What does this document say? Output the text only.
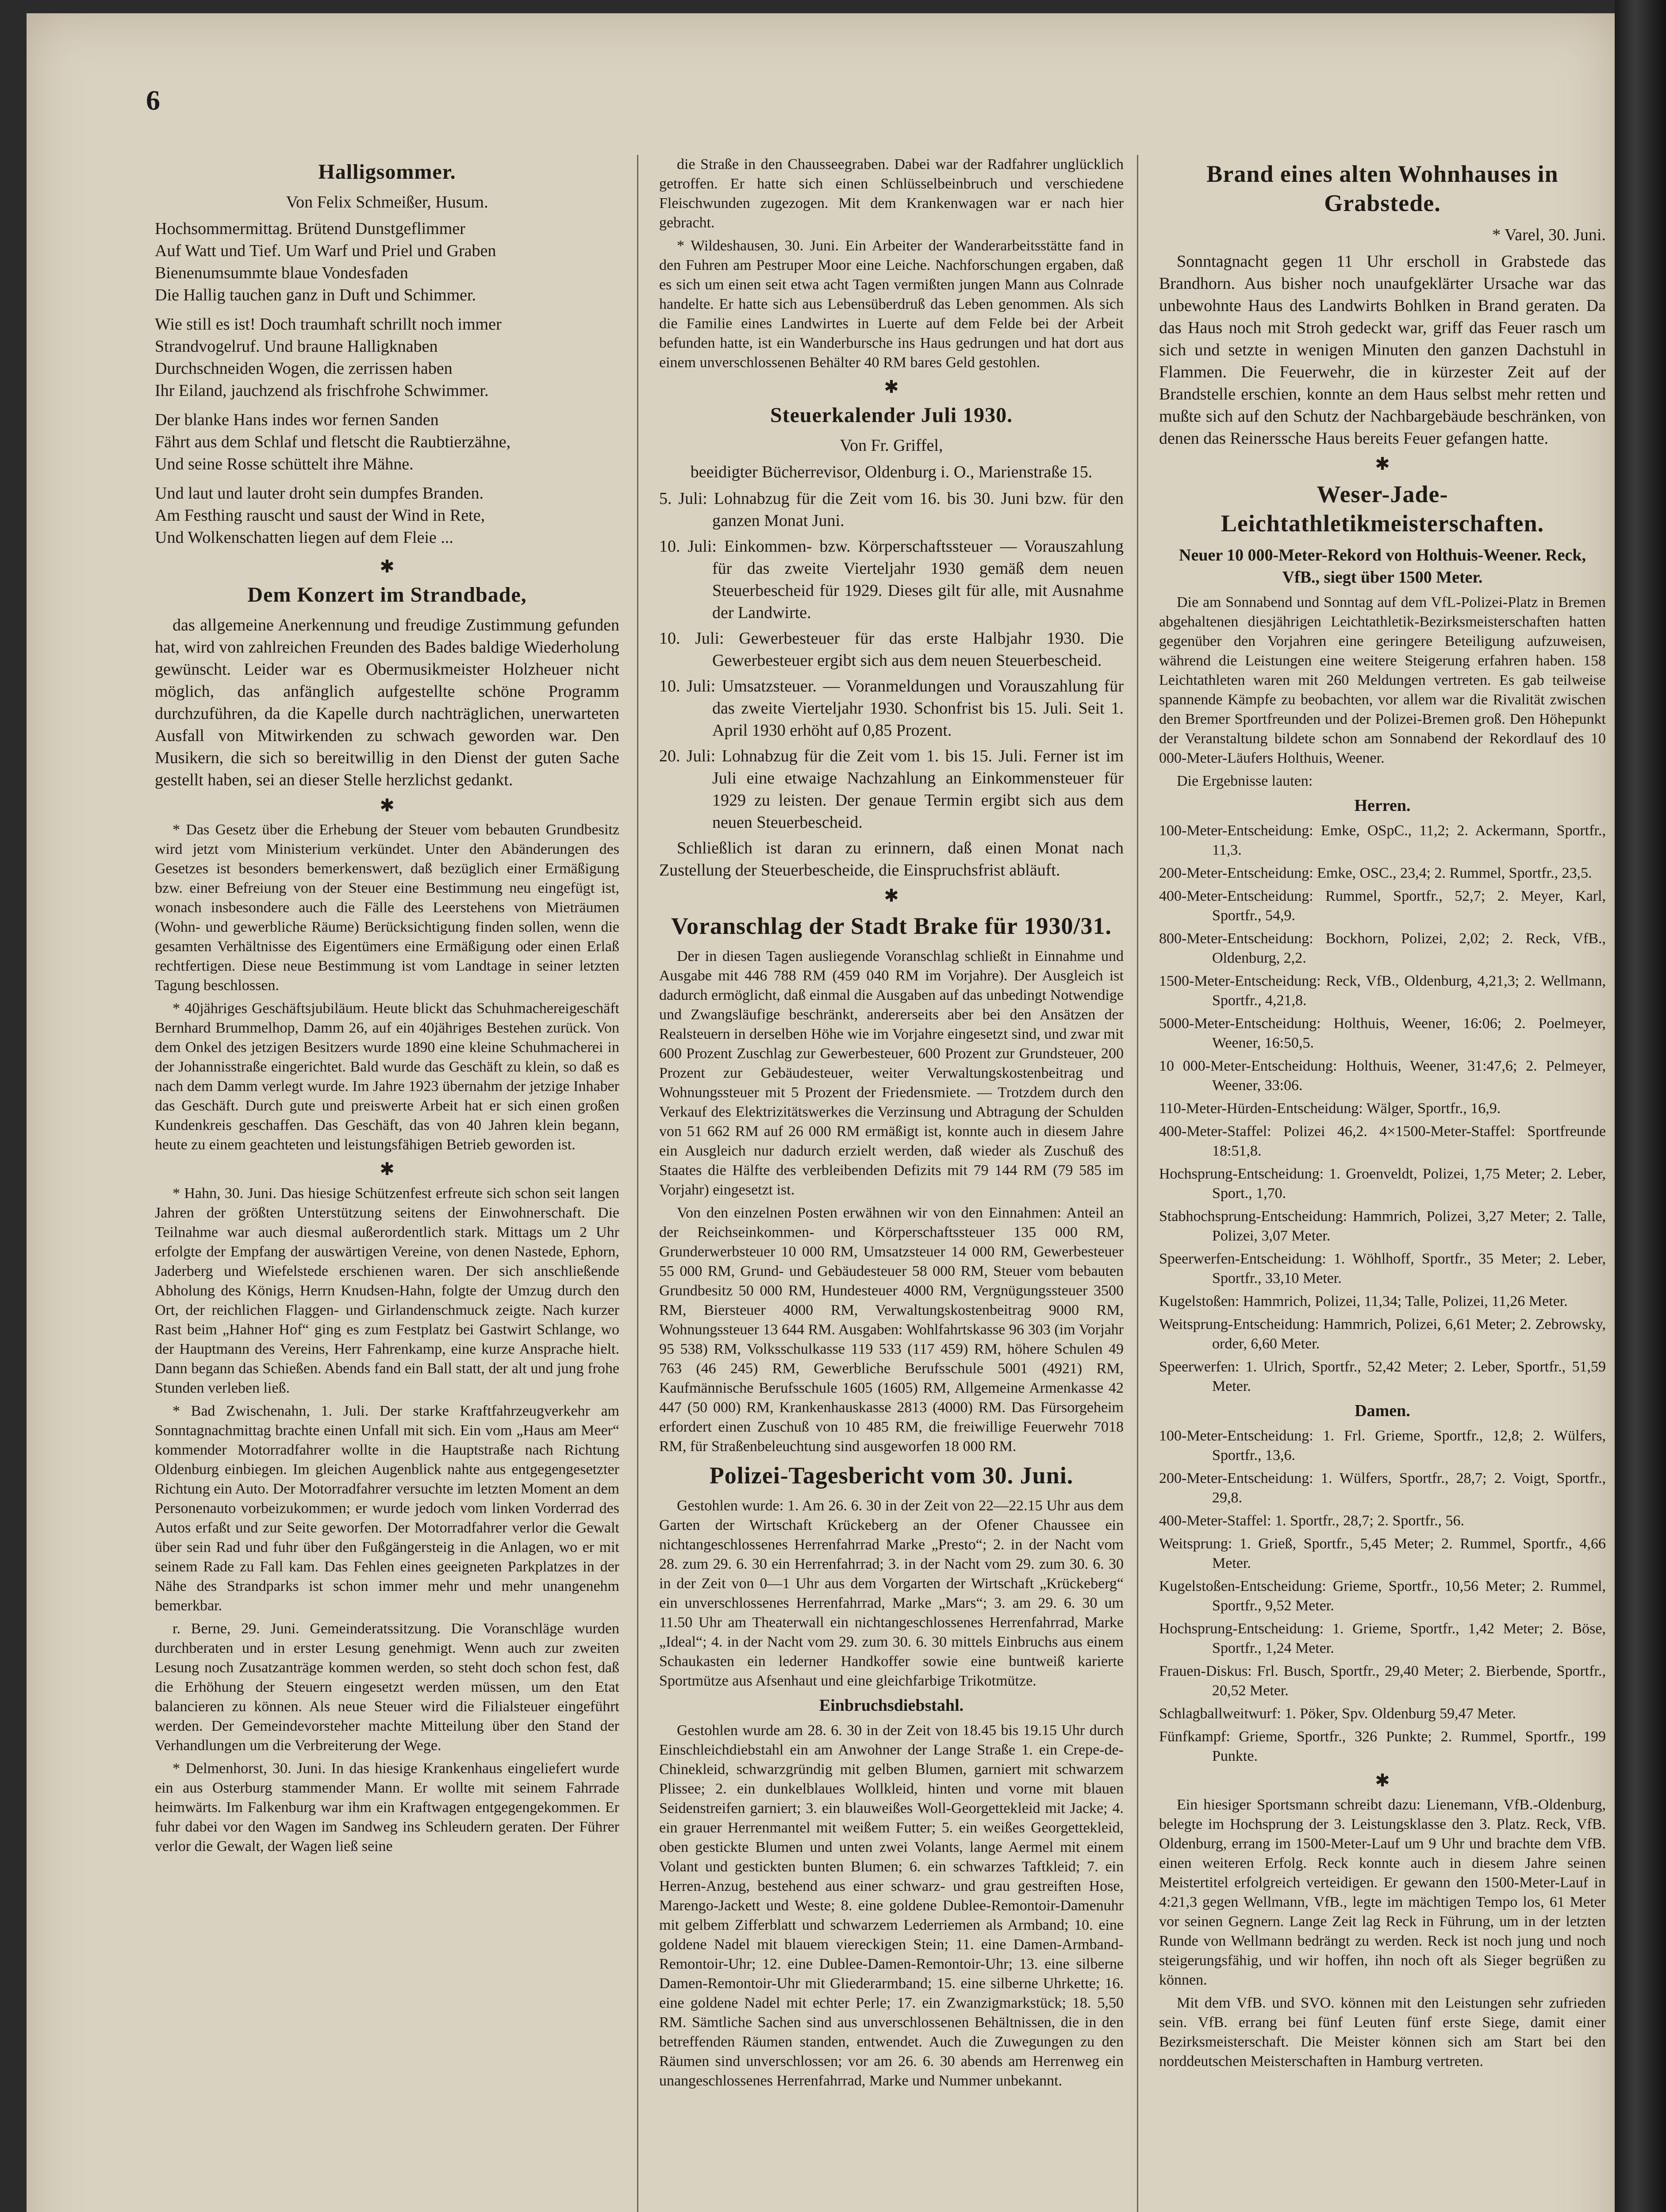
6
Halligsommer.
Von Felix Schmeißer, Husum.
Hochsommermittag. Brütend Dunstgeflimmer
Auf Watt und Tief. Um Warf und Priel und Graben
Bienenumsummte blaue Vondesfaden
Die Hallig tauchen ganz in Duft und Schimmer.
Wie still es ist! Doch traumhaft schrillt noch immer
Strandvogelruf. Und braune Halligknaben
Durchschneiden Wogen, die zerrissen haben
Ihr Eiland, jauchzend als frischfrohe Schwimmer.
Der blanke Hans indes wor fernen Sanden
Fährt aus dem Schlaf und fletscht die Raubtierzähne,
Und seine Rosse schüttelt ihre Mähne.
Und laut und lauter droht sein dumpfes Branden.
Am Festhing rauscht und saust der Wind in Rete,
Und Wolkenschatten liegen auf dem Fleie ...
✱
Dem Konzert im Strandbade,

das allgemeine Anerkennung und freudige Zustimmung gefunden hat, wird von zahlreichen Freunden des Bades baldige Wiederholung gewünscht. Leider war es Obermusikmeister Holzheuer nicht möglich, das anfänglich aufgestellte schöne Programm durchzuführen, da die Kapelle durch nachträglichen, unerwarteten Ausfall von Mitwirkenden zu schwach geworden war. Den Musikern, die sich so bereitwillig in den Dienst der guten Sache gestellt haben, sei an dieser Stelle herzlichst gedankt.

✱

* Das Gesetz über die Erhebung der Steuer vom bebauten Grundbesitz wird jetzt vom Ministerium verkündet. Unter den Abänderungen des Gesetzes ist besonders bemerkenswert, daß bezüglich einer Ermäßigung bzw. einer Befreiung von der Steuer eine Bestimmung neu eingefügt ist, wonach insbesondere auch die Fälle des Leerstehens von Mieträumen (Wohn- und gewerbliche Räume) Berücksichtigung finden sollen, wenn die gesamten Verhältnisse des Eigentümers eine Ermäßigung oder einen Erlaß rechtfertigen. Diese neue Bestimmung ist vom Landtage in seiner letzten Tagung beschlossen.

* 40jähriges Geschäftsjubiläum. Heute blickt das Schuhmachereigeschäft Bernhard Brummelhop, Damm 26, auf ein 40jähriges Bestehen zurück. Von dem Onkel des jetzigen Besitzers wurde 1890 eine kleine Schuhmacherei in der Johannisstraße eingerichtet. Bald wurde das Geschäft zu klein, so daß es nach dem Damm verlegt wurde. Im Jahre 1923 übernahm der jetzige Inhaber das Geschäft. Durch gute und preiswerte Arbeit hat er sich einen großen Kundenkreis geschaffen. Das Geschäft, das von 40 Jahren klein begann, heute zu einem geachteten und leistungsfähigen Betrieb geworden ist.

✱

* Hahn, 30. Juni. Das hiesige Schützenfest erfreute sich schon seit langen Jahren der größten Unterstützung seitens der Einwohnerschaft. Die Teilnahme war auch diesmal außerordentlich stark. Mittags um 2 Uhr erfolgte der Empfang der auswärtigen Vereine, von denen Nastede, Ephorn, Jaderberg und Wiefelstede erschienen waren. Der sich anschließende Abholung des Königs, Herrn Knudsen-Hahn, folgte der Umzug durch den Ort, der reichlichen Flaggen- und Girlandenschmuck zeigte. Nach kurzer Rast beim „Hahner Hof“ ging es zum Festplatz bei Gastwirt Schlange, wo der Hauptmann des Vereins, Herr Fahrenkamp, eine kurze Ansprache hielt. Dann begann das Schießen. Abends fand ein Ball statt, der alt und jung frohe Stunden verleben ließ.

* Bad Zwischenahn, 1. Juli. Der starke Kraftfahrzeugverkehr am Sonntagnachmittag brachte einen Unfall mit sich. Ein vom „Haus am Meer“ kommender Motorradfahrer wollte in die Hauptstraße nach Richtung Oldenburg einbiegen. Im gleichen Augenblick nahte aus entgegengesetzter Richtung ein Auto. Der Motorradfahrer versuchte im letzten Moment an dem Personenauto vorbeizukommen; er wurde jedoch vom linken Vorderrad des Autos erfaßt und zur Seite geworfen. Der Motorradfahrer verlor die Gewalt über sein Rad und fuhr über den Fußgängersteig in die Anlagen, wo er mit seinem Rade zu Fall kam. Das Fehlen eines geeigneten Parkplatzes in der Nähe des Strandparks ist schon immer mehr und mehr unangenehm bemerkbar.

r. Berne, 29. Juni. Gemeinderatssitzung. Die Voranschläge wurden durchberaten und in erster Lesung genehmigt. Wenn auch zur zweiten Lesung noch Zusatzanträge kommen werden, so steht doch schon fest, daß die Erhöhung der Steuern eingesetzt werden müssen, um den Etat balancieren zu können. Als neue Steuer wird die Filialsteuer eingeführt werden. Der Gemeindevorsteher machte Mitteilung über den Stand der Verhandlungen um die Verbreiterung der Wege.

* Delmenhorst, 30. Juni. In das hiesige Krankenhaus eingeliefert wurde ein aus Osterburg stammender Mann. Er wollte mit seinem Fahrrade heimwärts. Im Falkenburg war ihm ein Kraftwagen entgegengekommen. Er fuhr dabei vor den Wagen im Sandweg ins Schleudern geraten. Der Führer verlor die Gewalt, der Wagen ließ seine

die Straße in den Chausseegraben. Dabei war der Radfahrer unglücklich getroffen. Er hatte sich einen Schlüsselbeinbruch und verschiedene Fleischwunden zugezogen. Mit dem Krankenwagen war er nach hier gebracht.

* Wildeshausen, 30. Juni. Ein Arbeiter der Wanderarbeitsstätte fand in den Fuhren am Pestruper Moor eine Leiche. Nachforschungen ergaben, daß es sich um einen seit etwa acht Tagen vermißten jungen Mann aus Colnrade handelte. Er hatte sich aus Lebensüberdruß das Leben genommen. Als sich die Familie eines Landwirtes in Luerte auf dem Felde bei der Arbeit befunden hatte, ist ein Wanderbursche ins Haus gedrungen und hat dort aus einem unverschlossenen Behälter 40 RM bares Geld gestohlen.

✱
Steuerkalender Juli 1930.
Von Fr. Griffel,
beeidigter Bücherrevisor, Oldenburg i. O., Marienstraße 15.
5. Juli: Lohnabzug für die Zeit vom 16. bis 30. Juni bzw. für den ganzen Monat Juni.
10. Juli: Einkommen- bzw. Körperschaftssteuer — Vorauszahlung für das zweite Vierteljahr 1930 gemäß dem neuen Steuerbescheid für 1929. Dieses gilt für alle, mit Ausnahme der Landwirte.
10. Juli: Gewerbesteuer für das erste Halbjahr 1930. Die Gewerbesteuer ergibt sich aus dem neuen Steuerbescheid.
10. Juli: Umsatzsteuer. — Voranmeldungen und Vorauszahlung für das zweite Vierteljahr 1930. Schonfrist bis 15. Juli. Seit 1. April 1930 erhöht auf 0,85 Prozent.
20. Juli: Lohnabzug für die Zeit vom 1. bis 15. Juli. Ferner ist im Juli eine etwaige Nachzahlung an Einkommensteuer für 1929 zu leisten. Der genaue Termin ergibt sich aus dem neuen Steuerbescheid.

Schließlich ist daran zu erinnern, daß einen Monat nach Zustellung der Steuerbescheide, die Einspruchsfrist abläuft.

✱
Voranschlag der Stadt Brake für 1930/31.

Der in diesen Tagen ausliegende Voranschlag schließt in Einnahme und Ausgabe mit 446 788 RM (459 040 RM im Vorjahre). Der Ausgleich ist dadurch ermöglicht, daß einmal die Ausgaben auf das unbedingt Notwendige und Zwangsläufige beschränkt, andererseits aber bei den Ansätzen der Realsteuern in derselben Höhe wie im Vorjahre eingesetzt sind, und zwar mit 600 Prozent Zuschlag zur Gewerbesteuer, 600 Prozent zur Grundsteuer, 200 Prozent zur Gebäudesteuer, weiter Verwaltungskostenbeitrag und Wohnungssteuer mit 5 Prozent der Friedensmiete. — Trotzdem durch den Verkauf des Elektrizitätswerkes die Verzinsung und Abtragung der Schulden von 51 662 RM auf 26 000 RM ermäßigt ist, konnte auch in diesem Jahre ein Ausgleich nur dadurch erzielt werden, daß wieder als Zuschuß des Staates die Hälfte des verbleibenden Defizits mit 79 144 RM (79 585 im Vorjahr) eingesetzt ist.

Von den einzelnen Posten erwähnen wir von den Einnahmen: Anteil an der Reichseinkommen- und Körperschaftssteuer 135 000 RM, Grunderwerbsteuer 10 000 RM, Umsatzsteuer 14 000 RM, Gewerbesteuer 55 000 RM, Grund- und Gebäudesteuer 58 000 RM, Steuer vom bebauten Grundbesitz 50 000 RM, Hundesteuer 4000 RM, Vergnügungssteuer 3500 RM, Biersteuer 4000 RM, Verwaltungskostenbeitrag 9000 RM, Wohnungssteuer 13 644 RM. Ausgaben: Wohlfahrtskasse 96 303 (im Vorjahr 95 538) RM, Volksschulkasse 119 533 (117 459) RM, höhere Schulen 49 763 (46 245) RM, Gewerbliche Berufsschule 5001 (4921) RM, Kaufmännische Berufsschule 1605 (1605) RM, Allgemeine Armenkasse 42 447 (50 000) RM, Krankenhauskasse 2813 (4000) RM. Das Fürsorgeheim erfordert einen Zuschuß von 10 485 RM, die freiwillige Feuerwehr 7018 RM, für Straßenbeleuchtung sind ausgeworfen 18 000 RM.

Polizei-Tagesbericht vom 30. Juni.

Gestohlen wurde: 1. Am 26. 6. 30 in der Zeit von 22—22.15 Uhr aus dem Garten der Wirtschaft Krückeberg an der Ofener Chaussee ein nichtangeschlossenes Herrenfahrrad Marke „Presto“; 2. in der Nacht vom 28. zum 29. 6. 30 ein Herrenfahrrad; 3. in der Nacht vom 29. zum 30. 6. 30 in der Zeit von 0—1 Uhr aus dem Vorgarten der Wirtschaft „Krückeberg“ ein unverschlossenes Herrenfahrrad, Marke „Mars“; 3. am 29. 6. 30 um 11.50 Uhr am Theaterwall ein nichtangeschlossenes Herrenfahrrad, Marke „Ideal“; 4. in der Nacht vom 29. zum 30. 6. 30 mittels Einbruchs aus einem Schaukasten ein lederner Handkoffer sowie eine buntweiß karierte Sportmütze aus Afsenhaut und eine gleichfarbige Trikotmütze.

Einbruchsdiebstahl.

Gestohlen wurde am 28. 6. 30 in der Zeit von 18.45 bis 19.15 Uhr durch Einschleichdiebstahl ein am Anwohner der Lange Straße 1. ein Crepe-de-Chinekleid, schwarzgründig mit gelben Blumen, garniert mit schwarzem Plissee; 2. ein dunkelblaues Wollkleid, hinten und vorne mit blauen Seidenstreifen garniert; 3. ein blauweißes Woll-Georgettekleid mit Jacke; 4. ein grauer Herrenmantel mit weißem Futter; 5. ein weißes Georgettekleid, oben gestickte Blumen und unten zwei Volants, lange Aermel mit einem Volant und gestickten bunten Blumen; 6. ein schwarzes Taftkleid; 7. ein Herren-Anzug, bestehend aus einer schwarz- und grau gestreiften Hose, Marengo-Jackett und Weste; 8. eine goldene Dublee-Remontoir-Damenuhr mit gelbem Zifferblatt und schwarzem Lederriemen als Armband; 10. eine goldene Nadel mit blauem viereckigen Stein; 11. eine Damen-Armband-Remontoir-Uhr; 12. eine Dublee-Damen-Remontoir-Uhr; 13. eine silberne Damen-Remontoir-Uhr mit Gliederarmband; 15. eine silberne Uhrkette; 16. eine goldene Nadel mit echter Perle; 17. ein Zwanzigmarkstück; 18. 5,50 RM. Sämtliche Sachen sind aus unverschlossenen Behältnissen, die in den betreffenden Räumen standen, entwendet. Auch die Zuwegungen zu den Räumen sind unverschlossen; vor am 26. 6. 30 abends am Herrenweg ein unangeschlossenes Herrenfahrrad, Marke und Nummer unbekannt.

Brand eines alten Wohnhauses in Grabstede.
* Varel, 30. Juni.

Sonntagnacht gegen 11 Uhr erscholl in Grabstede das Brandhorn. Aus bisher noch unaufgeklärter Ursache war das unbewohnte Haus des Landwirts Bohlken in Brand geraten. Da das Haus noch mit Stroh gedeckt war, griff das Feuer rasch um sich und setzte in wenigen Minuten den ganzen Dachstuhl in Flammen. Die Feuerwehr, die in kürzester Zeit auf der Brandstelle erschien, konnte an dem Haus selbst mehr retten und mußte sich auf den Schutz der Nachbargebäude beschränken, von denen das Reinerssche Haus bereits Feuer gefangen hatte.

✱
Weser-Jade-Leichtathletikmeisterschaften.
Neuer 10 000-Meter-Rekord von Holthuis-Weener. Reck, VfB., siegt über 1500 Meter.

Die am Sonnabend und Sonntag auf dem VfL-Polizei-Platz in Bremen abgehaltenen diesjährigen Leichtathletik-Bezirksmeisterschaften hatten gegenüber den Vorjahren eine geringere Beteiligung aufzuweisen, während die Leistungen eine weitere Steigerung erfahren haben. 158 Leichtathleten waren mit 260 Meldungen vertreten. Es gab teilweise spannende Kämpfe zu beobachten, vor allem war die Rivalität zwischen den Bremer Sportfreunden und der Polizei-Bremen groß. Den Höhepunkt der Veranstaltung bildete schon am Sonnabend der Rekordlauf des 10 000-Meter-Läufers Holthuis, Weener.

Die Ergebnisse lauten:

Herren.
100-Meter-Entscheidung: Emke, OSpC., 11,2; 2. Ackermann, Sportfr., 11,3.
200-Meter-Entscheidung: Emke, OSC., 23,4; 2. Rummel, Sportfr., 23,5.
400-Meter-Entscheidung: Rummel, Sportfr., 52,7; 2. Meyer, Karl, Sportfr., 54,9.
800-Meter-Entscheidung: Bockhorn, Polizei, 2,02; 2. Reck, VfB., Oldenburg, 2,2.
1500-Meter-Entscheidung: Reck, VfB., Oldenburg, 4,21,3; 2. Wellmann, Sportfr., 4,21,8.
5000-Meter-Entscheidung: Holthuis, Weener, 16:06; 2. Poelmeyer, Weener, 16:50,5.
10 000-Meter-Entscheidung: Holthuis, Weener, 31:47,6; 2. Pelmeyer, Weener, 33:06.
110-Meter-Hürden-Entscheidung: Wälger, Sportfr., 16,9.
400-Meter-Staffel: Polizei 46,2. 4×1500-Meter-Staffel: Sportfreunde 18:51,8.
Hochsprung-Entscheidung: 1. Groenveldt, Polizei, 1,75 Meter; 2. Leber, Sport., 1,70.
Stabhochsprung-Entscheidung: Hammrich, Polizei, 3,27 Meter; 2. Talle, Polizei, 3,07 Meter.
Speerwerfen-Entscheidung: 1. Wöhlhoff, Sportfr., 35 Meter; 2. Leber, Sportfr., 33,10 Meter.
Kugelstoßen: Hammrich, Polizei, 11,34; Talle, Polizei, 11,26 Meter.
Weitsprung-Entscheidung: Hammrich, Polizei, 6,61 Meter; 2. Zebrowsky, order, 6,60 Meter.
Speerwerfen: 1. Ulrich, Sportfr., 52,42 Meter; 2. Leber, Sportfr., 51,59 Meter.
Damen.
100-Meter-Entscheidung: 1. Frl. Grieme, Sportfr., 12,8; 2. Wülfers, Sportfr., 13,6.
200-Meter-Entscheidung: 1. Wülfers, Sportfr., 28,7; 2. Voigt, Sportfr., 29,8.
400-Meter-Staffel: 1. Sportfr., 28,7; 2. Sportfr., 56.
Weitsprung: 1. Grieß, Sportfr., 5,45 Meter; 2. Rummel, Sportfr., 4,66 Meter.
Kugelstoßen-Entscheidung: Grieme, Sportfr., 10,56 Meter; 2. Rummel, Sportfr., 9,52 Meter.
Hochsprung-Entscheidung: 1. Grieme, Sportfr., 1,42 Meter; 2. Böse, Sportfr., 1,24 Meter.
Frauen-Diskus: Frl. Busch, Sportfr., 29,40 Meter; 2. Bierbende, Sportfr., 20,52 Meter.
Schlagballweitwurf: 1. Pöker, Spv. Oldenburg 59,47 Meter.
Fünfkampf: Grieme, Sportfr., 326 Punkte; 2. Rummel, Sportfr., 199 Punkte.
✱

Ein hiesiger Sportsmann schreibt dazu: Lienemann, VfB.-Oldenburg, belegte im Hochsprung der 3. Leistungsklasse den 3. Platz. Reck, VfB. Oldenburg, errang im 1500-Meter-Lauf um 9 Uhr und brachte dem VfB. einen weiteren Erfolg. Reck konnte auch in diesem Jahre seinen Meistertitel erfolgreich verteidigen. Er gewann den 1500-Meter-Lauf in 4:21,3 gegen Wellmann, VfB., legte im mächtigen Tempo los, 61 Meter vor seinen Gegnern. Lange Zeit lag Reck in Führung, um in der letzten Runde von Wellmann bedrängt zu werden. Reck ist noch jung und noch steigerungsfähig, und wir hoffen, ihn noch oft als Sieger begrüßen zu können.

Mit dem VfB. und SVO. können mit den Leistungen sehr zufrieden sein. VfB. errang bei fünf Leuten fünf erste Siege, damit einer Bezirksmeisterschaft. Die Meister können sich am Start bei den norddeutschen Meisterschaften in Hamburg vertreten.
